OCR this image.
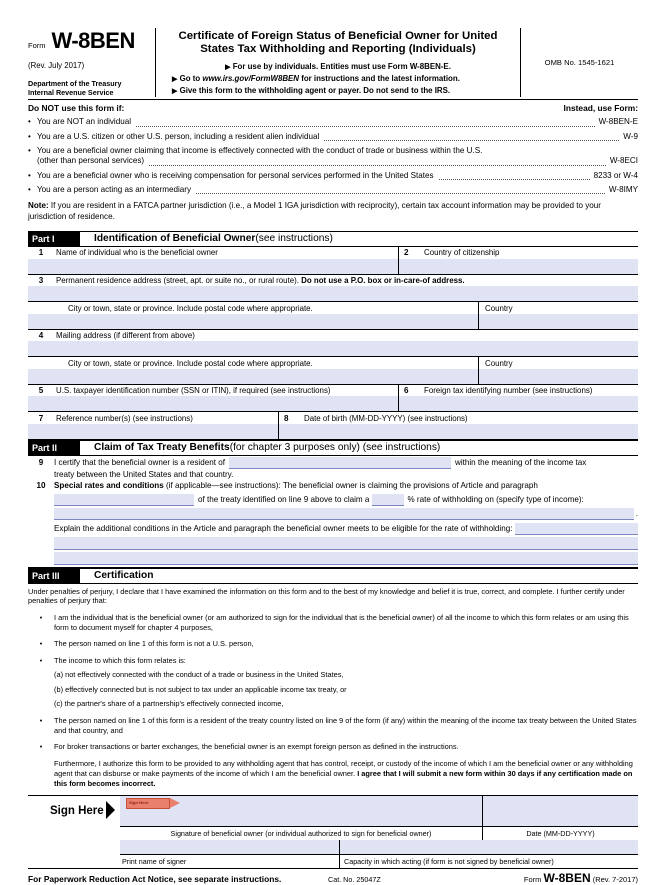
Form W-8BEN
(Rev. July 2017)
Department of the Treasury
Internal Revenue Service
Certificate of Foreign Status of Beneficial Owner for United
States Tax Withholding and Reporting (Individuals)
▶ For use by individuals. Entities must use Form W-8BEN-E.
▶ Go to www.irs.gov/FormW8BEN for instructions and the latest information.
▶ Give this form to the withholding agent or payer. Do not send to the IRS.
OMB No. 1545-1621
Do NOT use this form if:	Instead, use Form:
• You are NOT an individual	W-8BEN-E
• You are a U.S. citizen or other U.S. person, including a resident alien individual	W-9
• You are a beneficial owner claiming that income is effectively connected with the conduct of trade or business within the U.S.
(other than personal services)	W-8ECI
• You are a beneficial owner who is receiving compensation for personal services performed in the United States	8233 or W-4
• You are a person acting as an intermediary	W-8IMY
Note: If you are resident in a FATCA partner jurisdiction (i.e., a Model 1 IGA jurisdiction with reciprocity), certain tax account information may be provided to your jurisdiction of residence.
Part I	Identification of Beneficial Owner (see instructions)
1	Name of individual who is the beneficial owner	2	Country of citizenship
3	Permanent residence address (street, apt. or suite no., or rural route). Do not use a P.O. box or in-care-of address.
City or town, state or province. Include postal code where appropriate.	Country
4	Mailing address (if different from above)
City or town, state or province. Include postal code where appropriate.	Country
5	U.S. taxpayer identification number (SSN or ITIN), if required (see instructions)	6	Foreign tax identifying number (see instructions)
7	Reference number(s) (see instructions)	8	Date of birth (MM-DD-YYYY) (see instructions)
Part II	Claim of Tax Treaty Benefits (for chapter 3 purposes only) (see instructions)
9	I certify that the beneficial owner is a resident of	within the meaning of the income tax
treaty between the United States and that country.
10	Special rates and conditions (if applicable—see instructions): The beneficial owner is claiming the provisions of Article and paragraph
of the treaty identified on line 9 above to claim a	% rate of withholding on (specify type of income):
.
Explain the additional conditions in the Article and paragraph the beneficial owner meets to be eligible for the rate of withholding:
Part III	Certification
Under penalties of perjury, I declare that I have examined the information on this form and to the best of my knowledge and belief it is true, correct, and complete. I further certify under penalties of perjury that:
•	I am the individual that is the beneficial owner (or am authorized to sign for the individual that is the beneficial owner) of all the income to which this form relates or am using this form to document myself for chapter 4 purposes,
•	The person named on line 1 of this form is not a U.S. person,
•	The income to which this form relates is:
(a) not effectively connected with the conduct of a trade or business in the United States,
(b) effectively connected but is not subject to tax under an applicable income tax treaty, or
(c) the partner's share of a partnership's effectively connected income,
•	The person named on line 1 of this form is a resident of the treaty country listed on line 9 of the form (if any) within the meaning of the income tax treaty between the United States and that country, and
•	For broker transactions or barter exchanges, the beneficial owner is an exempt foreign person as defined in the instructions.
Furthermore, I authorize this form to be provided to any withholding agent that has control, receipt, or custody of the income of which I am the beneficial owner or any withholding agent that can disburse or make payments of the income of which I am the beneficial owner. I agree that I will submit a new form within 30 days if any certification made on this form becomes incorrect.
Sign Here
Sign Here
Signature of beneficial owner (or individual authorized to sign for beneficial owner)	Date (MM-DD-YYYY)
Print name of signer	Capacity in which acting (if form is not signed by beneficial owner)
For Paperwork Reduction Act Notice, see separate instructions.	Cat. No. 25047Z	Form W-8BEN (Rev. 7-2017)
